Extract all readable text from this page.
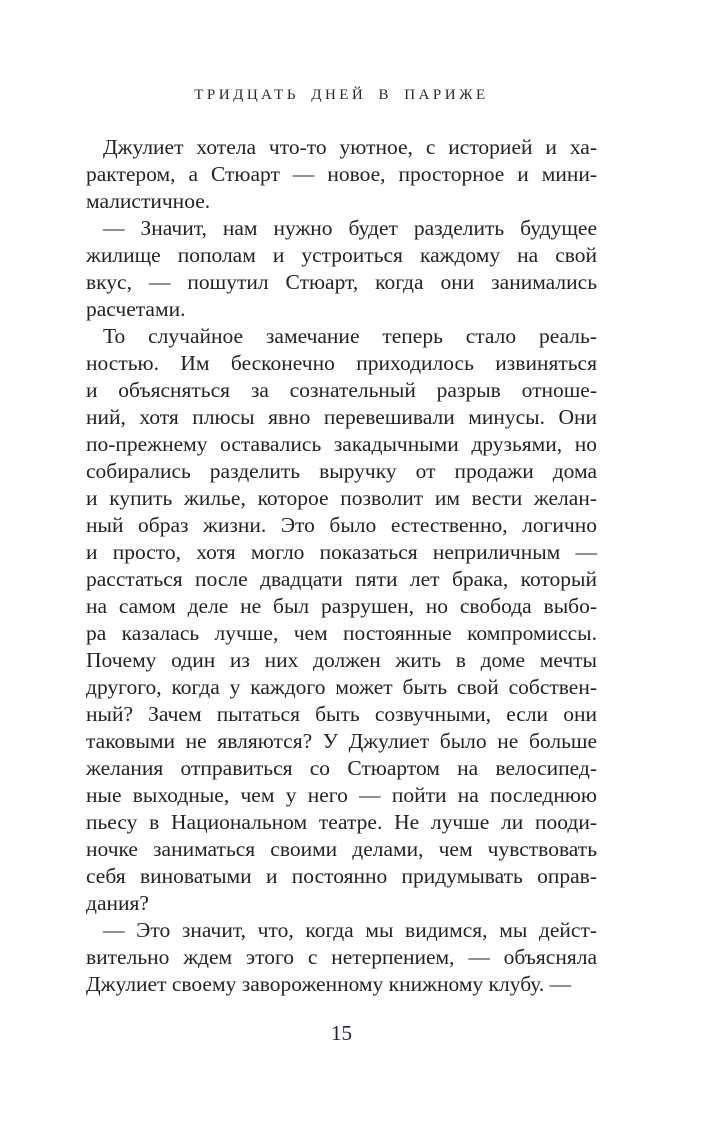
ТРИДЦАТЬ ДНЕЙ В ПАРИЖЕ
Джулиет хотела что-то уютное, с историей и ха-
рактером, а Стюарт — новое, просторное и мини-
малистичное.
— Значит, нам нужно будет разделить будущее
жилище пополам и устроиться каждому на свой
вкус, — пошутил Стюарт, когда они занимались
расчетами.
То случайное замечание теперь стало реаль-
ностью. Им бесконечно приходилось извиняться
и объясняться за сознательный разрыв отноше-
ний, хотя плюсы явно перевешивали минусы. Они
по-прежнему оставались закадычными друзьями, но
собирались разделить выручку от продажи дома
и купить жилье, которое позволит им вести желан-
ный образ жизни. Это было естественно, логично
и просто, хотя могло показаться неприличным —
расстаться после двадцати пяти лет брака, который
на самом деле не был разрушен, но свобода выбо-
ра казалась лучше, чем постоянные компромиссы.
Почему один из них должен жить в доме мечты
другого, когда у каждого может быть свой собствен-
ный? Зачем пытаться быть созвучными, если они
таковыми не являются? У Джулиет было не больше
желания отправиться со Стюартом на велосипед-
ные выходные, чем у него — пойти на последнюю
пьесу в Национальном театре. Не лучше ли пооди-
ночке заниматься своими делами, чем чувствовать
себя виноватыми и постоянно придумывать оправ-
дания?
— Это значит, что, когда мы видимся, мы дейст-
вительно ждем этого с нетерпением, — объясняла
Джулиет своему завороженному книжному клубу. —
15
